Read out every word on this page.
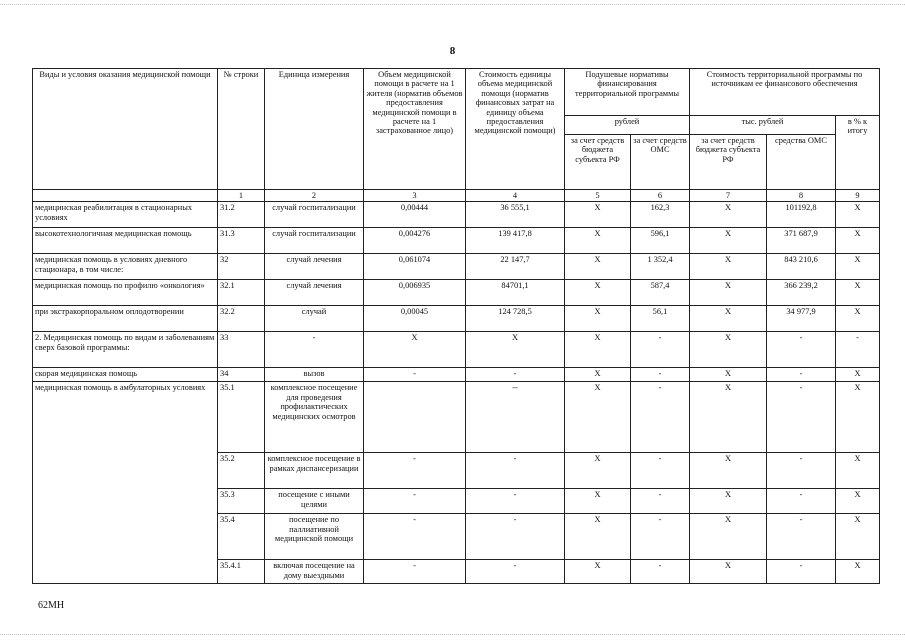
8
Виды и условия оказания медицинской помощи	№ строки	Единица измерения	Объем медицинской помощи в расчете на 1 жителя (норматив объемов предоставления медицинской помощи в расчете на 1 застрахованное лицо)	Стоимость единицы объема медицинской помощи (норматив финансовых затрат на единицу объема предоставления медицинской помощи)	Подушевые нормативы финансирования территориальной программы		Стоимость территориальной программы по источникам ее финансового обеспечения		
					рублей		тыс. рублей		в % к итогу
					за счет средств бюджета субъекта РФ	за счет средств ОМС	за счет средств бюджета субъекта РФ	средства ОМС	
	1	2	3	4	5	6	7	8	9
медицинская реабилитация в стационарных условиях	31.2	случай госпитализации	0,00444	36 555,1	X	162,3	X	101192,8	X
высокотехнологичная медицинская помощь	31.3	случай госпитализации	0,004276	139 417,8	X	596,1	X	371 687,9	X
медицинская помощь в условиях дневного стационара, в том числе:	32	случай лечения	0,061074	22 147,7	X	1 352,4	X	843 210,6	X
медицинская помощь по профилю «онкология»	32.1	случай лечения	0,006935	84701,1	X	587,4	X	366 239,2	X
при экстракорпоральном оплодотворении	32.2	случай	0,00045	124 728,5	X	56,1	X	34 977,9	X
2. Медицинская помощь по видам и заболеваниям сверх базовой программы:	33	-	X	X	X	-	X	-	-
скорая медицинская помощь	34	вызов	-	-	X	-	X	-	X
медицинская помощь в амбулаторных условиях	35.1	комплексное посещение для проведения профилактических медицинских осмотров		--	X	-	X	-	X
	35.2	комплексное посещение в рамках диспансеризации	-	-	X	-	X	-	X
	35.3	посещение с иными целями	-	-	X	-	X	-	X
	35.4	посещение по паллиативной медицинской помощи	-	-	X	-	X	-	X
	35.4.1	включая посещение на дому выездными	-	-	X	-	X	-	X
62МН
